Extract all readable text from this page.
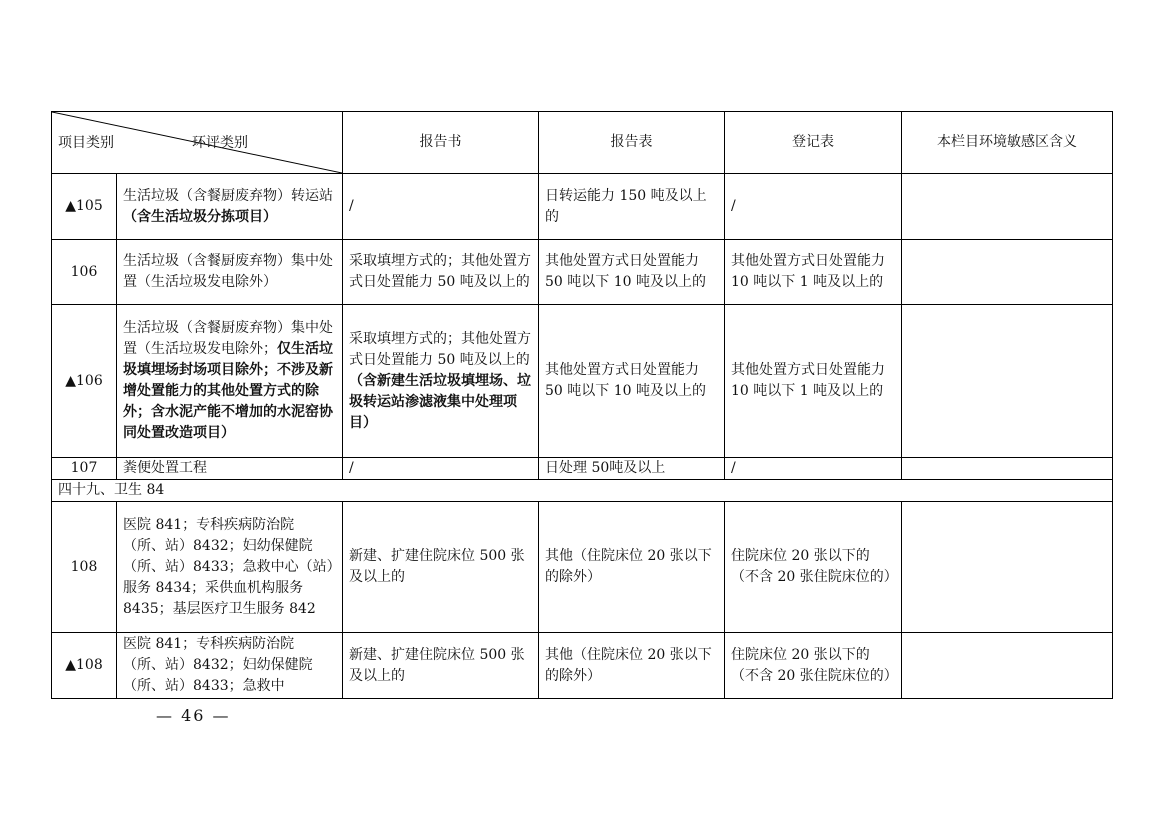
项目类别 环评类别		报告书	报告表	登记表	本栏目环境敏感区含义
▲105	生活垃圾（含餐厨废弃物）转运站（含生活垃圾分拣项目）	/	日转运能力 150 吨及以上的	/	
106	生活垃圾（含餐厨废弃物）集中处置（生活垃圾发电除外）	采取填埋方式的；其他处置方式日处置能力 50 吨及以上的	其他处置方式日处置能力 50 吨以下 10 吨及以上的	其他处置方式日处置能力 10 吨以下 1 吨及以上的	
▲106	生活垃圾（含餐厨废弃物）集中处置（生活垃圾发电除外；仅生活垃圾填埋场封场项目除外；不涉及新增处置能力的其他处置方式的除外；含水泥产能不增加的水泥窑协同处置改造项目）	采取填埋方式的；其他处置方式日处置能力 50 吨及以上的（含新建生活垃圾填埋场、垃圾转运站渗滤液集中处理项目）	其他处置方式日处置能力 50 吨以下 10 吨及以上的	其他处置方式日处置能力 10 吨以下 1 吨及以上的	
107	粪便处置工程	/	日处理 50吨及以上	/	
四十九、卫生 84					
108	医院 841；专科疾病防治院（所、站）8432；妇幼保健院（所、站）8433；急救中心（站）服务 8434；采供血机构服务 8435；基层医疗卫生服务 842	新建、扩建住院床位 500 张及以上的	其他（住院床位 20 张以下的除外）	住院床位 20 张以下的（不含 20 张住院床位的）	
▲108	医院 841；专科疾病防治院（所、站）8432；妇幼保健院（所、站）8433；急救中	新建、扩建住院床位 500 张及以上的	其他（住院床位 20 张以下的除外）	住院床位 20 张以下的（不含 20 张住院床位的）	
— 46 —
